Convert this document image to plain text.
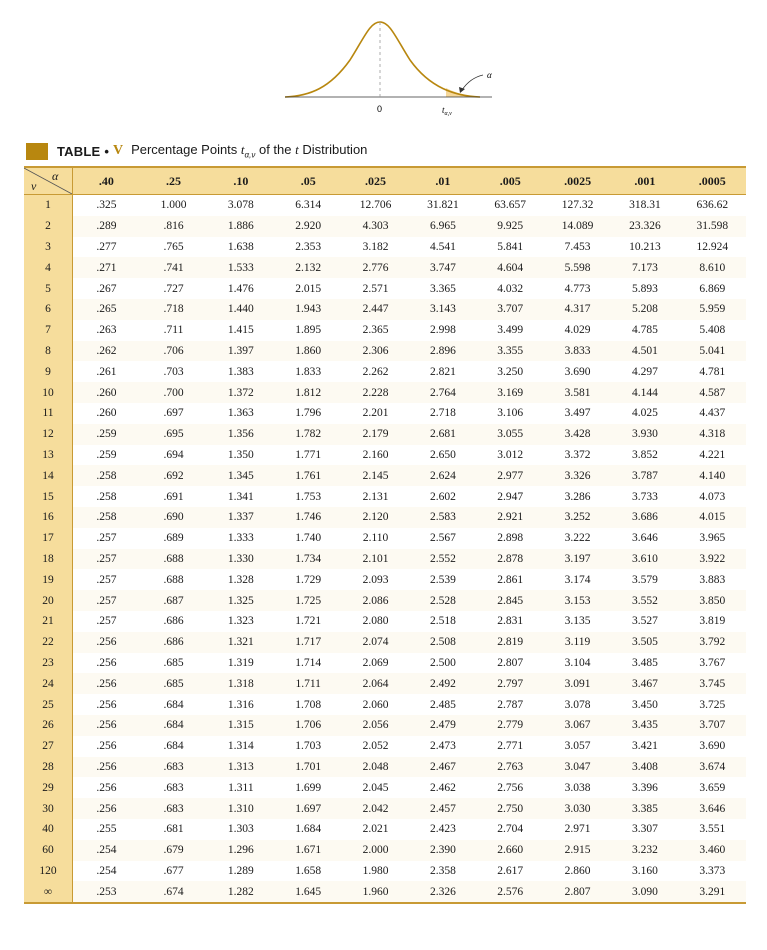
α
0	$t_{\alpha,\nu}$
TABLE • V Percentage Points $t_{\alpha,\nu}$ of the t Distribution
α
ν	.40	.25	.10	.05	.025	.01	.005	.0025	.001	.0005
1	.325	1.000	3.078	6.314	12.706	31.821	63.657	127.32	318.31	636.62
2	.289	.816	1.886	2.920	4.303	6.965	9.925	14.089	23.326	31.598
3	.277	.765	1.638	2.353	3.182	4.541	5.841	7.453	10.213	12.924
4	.271	.741	1.533	2.132	2.776	3.747	4.604	5.598	7.173	8.610
5	.267	.727	1.476	2.015	2.571	3.365	4.032	4.773	5.893	6.869
6	.265	.718	1.440	1.943	2.447	3.143	3.707	4.317	5.208	5.959
7	.263	.711	1.415	1.895	2.365	2.998	3.499	4.029	4.785	5.408
8	.262	.706	1.397	1.860	2.306	2.896	3.355	3.833	4.501	5.041
9	.261	.703	1.383	1.833	2.262	2.821	3.250	3.690	4.297	4.781
10	.260	.700	1.372	1.812	2.228	2.764	3.169	3.581	4.144	4.587
11	.260	.697	1.363	1.796	2.201	2.718	3.106	3.497	4.025	4.437
12	.259	.695	1.356	1.782	2.179	2.681	3.055	3.428	3.930	4.318
13	.259	.694	1.350	1.771	2.160	2.650	3.012	3.372	3.852	4.221
14	.258	.692	1.345	1.761	2.145	2.624	2.977	3.326	3.787	4.140
15	.258	.691	1.341	1.753	2.131	2.602	2.947	3.286	3.733	4.073
16	.258	.690	1.337	1.746	2.120	2.583	2.921	3.252	3.686	4.015
17	.257	.689	1.333	1.740	2.110	2.567	2.898	3.222	3.646	3.965
18	.257	.688	1.330	1.734	2.101	2.552	2.878	3.197	3.610	3.922
19	.257	.688	1.328	1.729	2.093	2.539	2.861	3.174	3.579	3.883
20	.257	.687	1.325	1.725	2.086	2.528	2.845	3.153	3.552	3.850
21	.257	.686	1.323	1.721	2.080	2.518	2.831	3.135	3.527	3.819
22	.256	.686	1.321	1.717	2.074	2.508	2.819	3.119	3.505	3.792
23	.256	.685	1.319	1.714	2.069	2.500	2.807	3.104	3.485	3.767
24	.256	.685	1.318	1.711	2.064	2.492	2.797	3.091	3.467	3.745
25	.256	.684	1.316	1.708	2.060	2.485	2.787	3.078	3.450	3.725
26	.256	.684	1.315	1.706	2.056	2.479	2.779	3.067	3.435	3.707
27	.256	.684	1.314	1.703	2.052	2.473	2.771	3.057	3.421	3.690
28	.256	.683	1.313	1.701	2.048	2.467	2.763	3.047	3.408	3.674
29	.256	.683	1.311	1.699	2.045	2.462	2.756	3.038	3.396	3.659
30	.256	.683	1.310	1.697	2.042	2.457	2.750	3.030	3.385	3.646
40	.255	.681	1.303	1.684	2.021	2.423	2.704	2.971	3.307	3.551
60	.254	.679	1.296	1.671	2.000	2.390	2.660	2.915	3.232	3.460
120	.254	.677	1.289	1.658	1.980	2.358	2.617	2.860	3.160	3.373
∞	.253	.674	1.282	1.645	1.960	2.326	2.576	2.807	3.090	3.291
